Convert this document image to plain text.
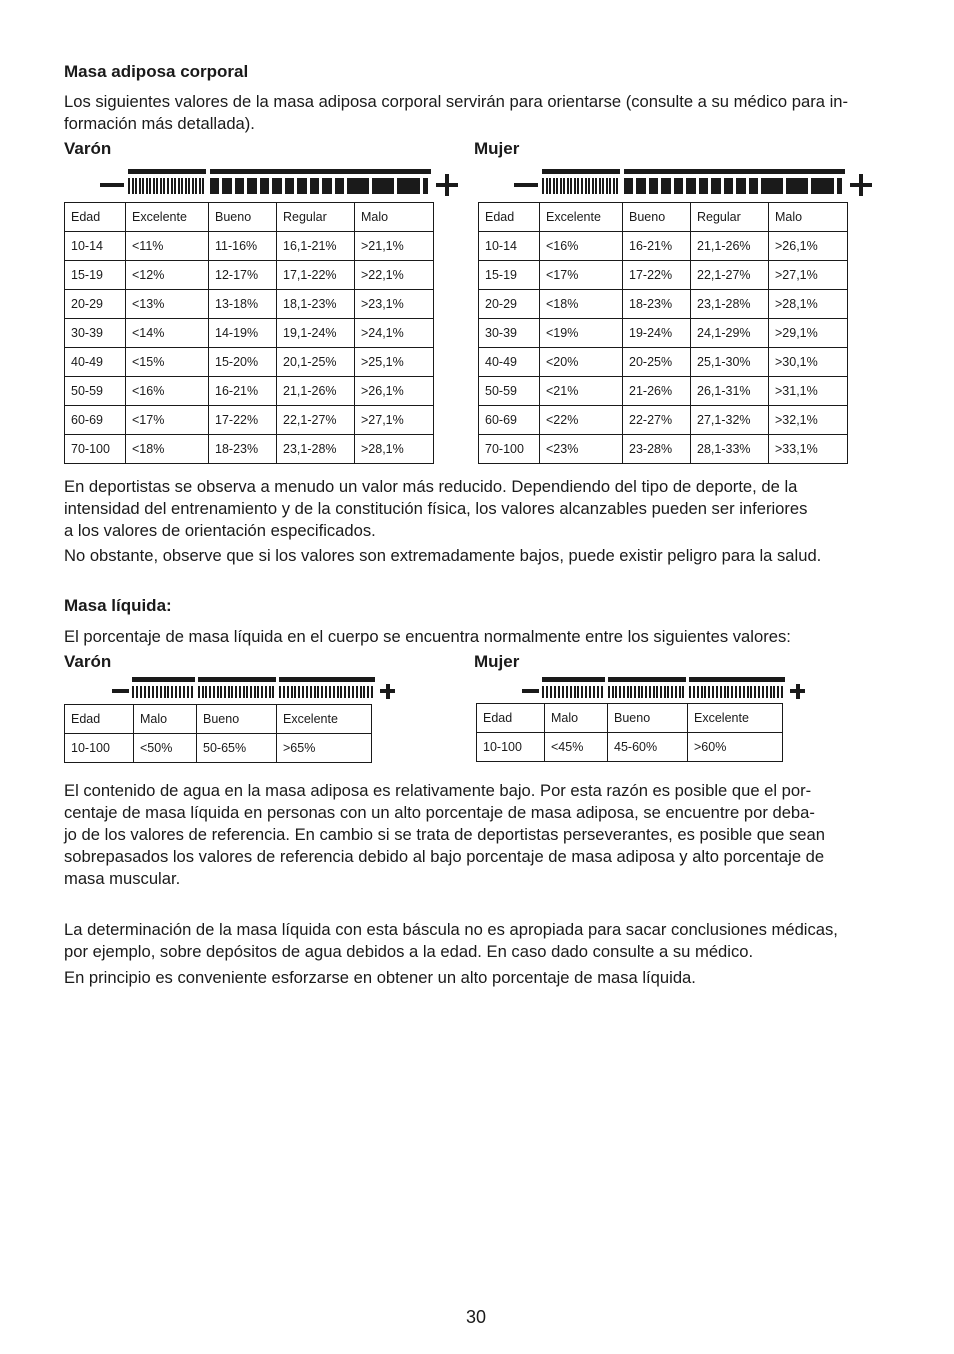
Masa adiposa corporal
Los siguientes valores de la masa adiposa corporal servirán para orientarse (consulte a su médico para in-
formación más detallada).
Varón	Mujer
Edad	Excelente	Bueno	Regular	Malo
10-14	<11%	11-16%	16,1-21%	>21,1%
15-19	<12%	12-17%	17,1-22%	>22,1%
20-29	<13%	13-18%	18,1-23%	>23,1%
30-39	<14%	14-19%	19,1-24%	>24,1%
40-49	<15%	15-20%	20,1-25%	>25,1%
50-59	<16%	16-21%	21,1-26%	>26,1%
60-69	<17%	17-22%	22,1-27%	>27,1%
70-100	<18%	18-23%	23,1-28%	>28,1%
Edad	Excelente	Bueno	Regular	Malo
10-14	<16%	16-21%	21,1-26%	>26,1%
15-19	<17%	17-22%	22,1-27%	>27,1%
20-29	<18%	18-23%	23,1-28%	>28,1%
30-39	<19%	19-24%	24,1-29%	>29,1%
40-49	<20%	20-25%	25,1-30%	>30,1%
50-59	<21%	21-26%	26,1-31%	>31,1%
60-69	<22%	22-27%	27,1-32%	>32,1%
70-100	<23%	23-28%	28,1-33%	>33,1%
En deportistas se observa a menudo un valor más reducido. Dependiendo del tipo de deporte, de la
intensidad del entrenamiento y de la constitución física, los valores alcanzables pueden ser inferiores
a los valores de orientación especificados.
No obstante, observe que si los valores son extremadamente bajos, puede existir peligro para la salud.
Masa líquida:
El porcentaje de masa líquida en el cuerpo se encuentra normalmente entre los siguientes valores:
Varón	Mujer
Edad	Malo	Bueno	Excelente
10-100	<50%	50-65%	>65%
Edad	Malo	Bueno	Excelente
10-100	<45%	45-60%	>60%
El contenido de agua en la masa adiposa es relativamente bajo. Por esta razón es posible que el por-
centaje de masa líquida en personas con un alto porcentaje de masa adiposa, se encuentre por deba-
jo de los valores de referencia. En cambio si se trata de deportistas perseverantes, es posible que sean
sobrepasados los valores de referencia debido al bajo porcentaje de masa adiposa y alto porcentaje de
masa muscular.
La determinación de la masa líquida con esta báscula no es apropiada para sacar conclusiones médicas,
por ejemplo, sobre depósitos de agua debidos a la edad. En caso dado consulte a su médico.
En principio es conveniente esforzarse en obtener un alto porcentaje de masa líquida.
30
